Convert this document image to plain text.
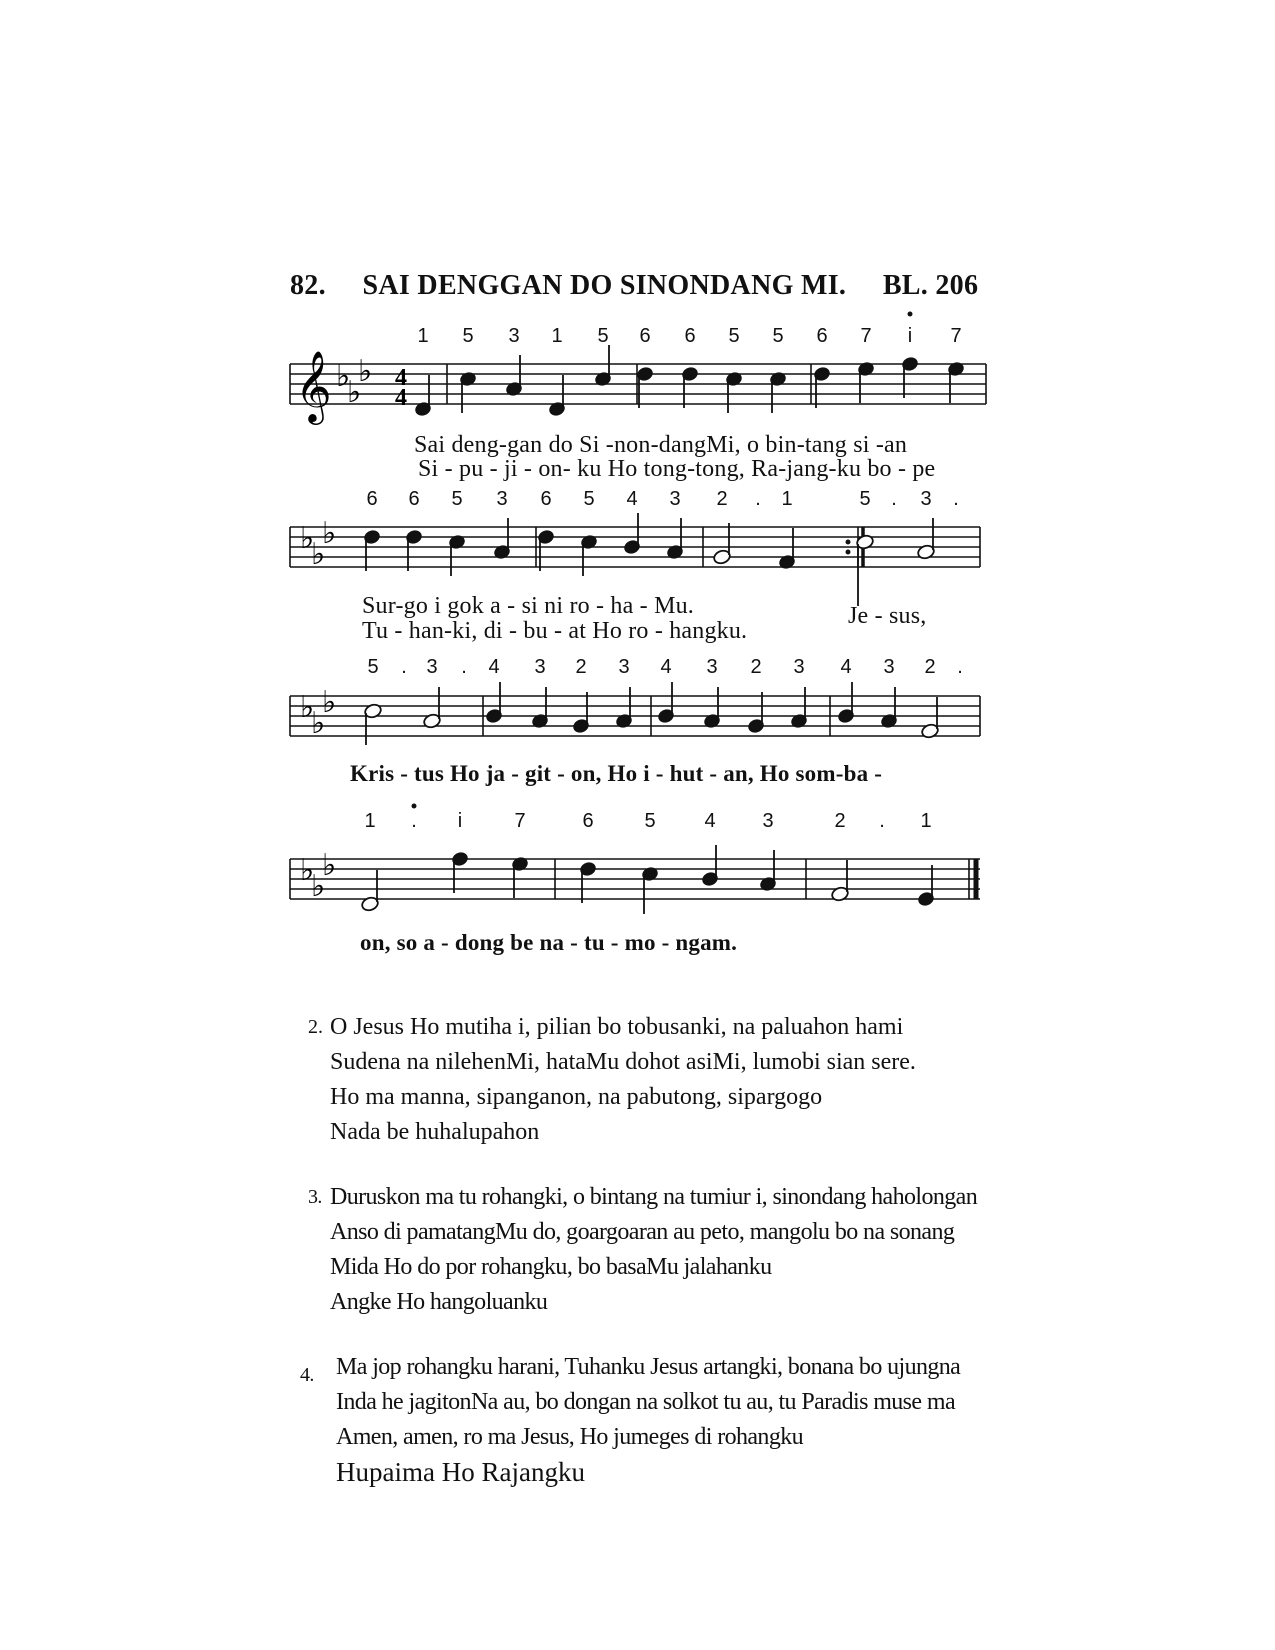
82. SAI DENGGAN DO SINONDANG MI. BL. 206
1 5 3 1 5 6 6 5 5 6 7 i 7
𝄞 ♭
♭
♭ 4
4
Sai deng-gan do Si -non-dangMi, o bin-tang si -an
Si - pu - ji - on- ku Ho tong-tong, Ra-jang-ku bo - pe
6 6 5 3 6 5 4 3 2 . 1	5 . 3 .
♭
♭
♭
Sur-go i gok a - si ni ro - ha - Mu.
Tu - han-ki, di - bu - at Ho ro - hangku.
Je - sus,
5 . 3 . 4 3 2 3 4 3 2 3 4 3 2 .
♭
♭
♭
Kris - tus Ho ja - git - on, Ho i - hut - an, Ho som-ba -
1 . i	7	6	5 4 3	2 . 1
♭
♭
♭
on, so a - dong be na - tu - mo - ngam.
2. O Jesus Ho mutiha i, pilian bo tobusanki, na paluahon hami
Sudena na nilehenMi, hataMu dohot asiMi, lumobi sian sere.
Ho ma manna, sipanganon, na pabutong, sipargogo
Nada be huhalupahon
3. Duruskon ma tu rohangki, o bintang na tumiur i, sinondang haholongan
Anso di pamatangMu do, goargoaran au peto, mangolu bo na sonang
Mida Ho do por rohangku, bo basaMu jalahanku
Angke Ho hangoluanku
4. Ma jop rohangku harani, Tuhanku Jesus artangki, bonana bo ujungna
Inda he jagitonNa au, bo dongan na solkot tu au, tu Paradis muse ma
Amen, amen, ro ma Jesus, Ho jumeges di rohangku
Hupaima Ho Rajangku
